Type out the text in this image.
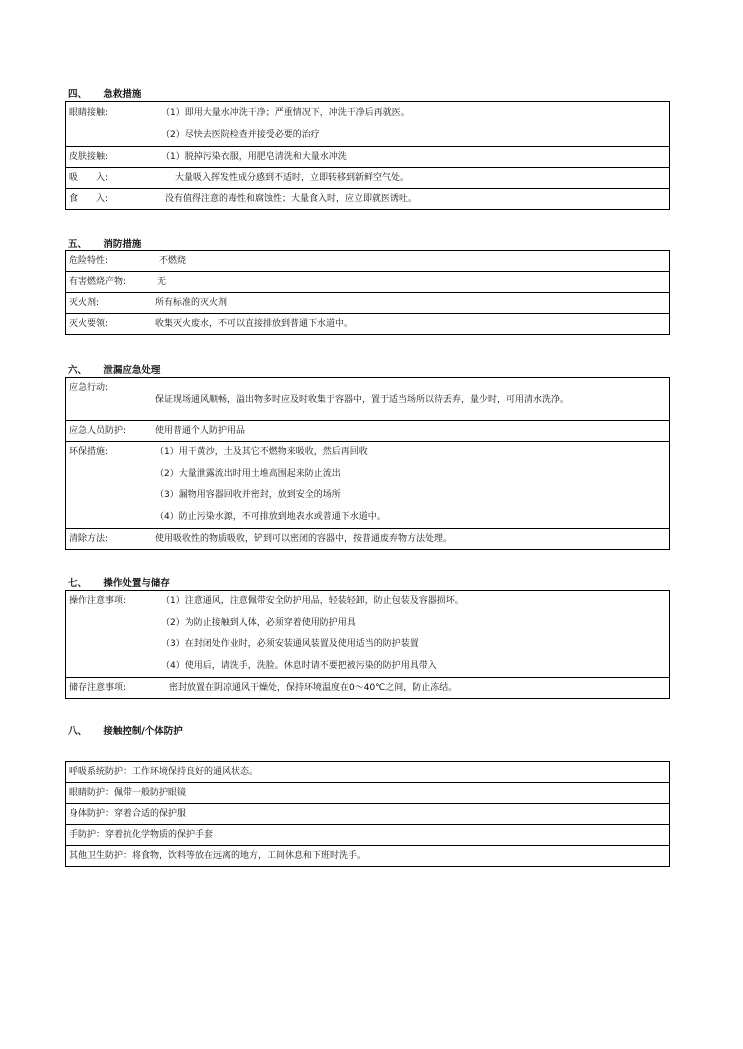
四、 急救措施
眼睛接触:	（1）即用大量水冲洗干净；严重情况下，冲洗干净后再就医。
（2）尽快去医院检查并接受必要的治疗

皮肤接触:	（1）脱掉污染衣服，用肥皂清洗和大量水冲洗

吸　　入:	大量吸入挥发性成分感到不适时，立即转移到新鲜空气处。

食　　入:	没有值得注意的毒性和腐蚀性；大量食入时，应立即就医诱吐。
五、 消防措施
危险特性:	不燃烧

有害燃烧产物:	无

灭火剂:	所有标准的灭火剂

灭火要领:	收集灭火废水，不可以直接排放到普通下水道中。
六、 泄漏应急处理
应急行动:
保证现场通风顺畅，溢出物多时应及时收集于容器中，置于适当场所以待丢弃，量少时，可用清水洗净。

应急人员防护:	使用普通个人防护用品

环保措施:	（1）用干黄沙，土及其它不燃物来吸收，然后再回收
（2）大量泄露流出时用土堆高围起来防止流出
（3）漏物用容器回收并密封，放到安全的场所
（4）防止污染水源，不可排放到地表水或普通下水道中。

清除方法:	使用吸收性的物质吸收，铲到可以密闭的容器中，按普通废弃物方法处理。
七、 操作处置与储存
操作注意事项:	（1）注意通风，注意佩带安全防护用品，轻装轻卸，防止包装及容器损坏。
（2）为防止接触到人体，必须穿着使用防护用具
（3）在封闭处作业时，必须安装通风装置及使用适当的防护装置
（4）使用后，请洗手，洗脸。休息时请不要把被污染的防护用具带入

储存注意事项:	密封放置在阴凉通风干燥处，保持环境温度在0～40℃之间，防止冻结。
八、 接触控制/个体防护
呼吸系统防护：工作环境保持良好的通风状态。
眼睛防护：佩带一般防护眼镜
身体防护：穿着合适的保护服
手防护：穿着抗化学物质的保护手套
其他卫生防护：将食物，饮料等放在远离的地方，工间休息和下班时洗手。
